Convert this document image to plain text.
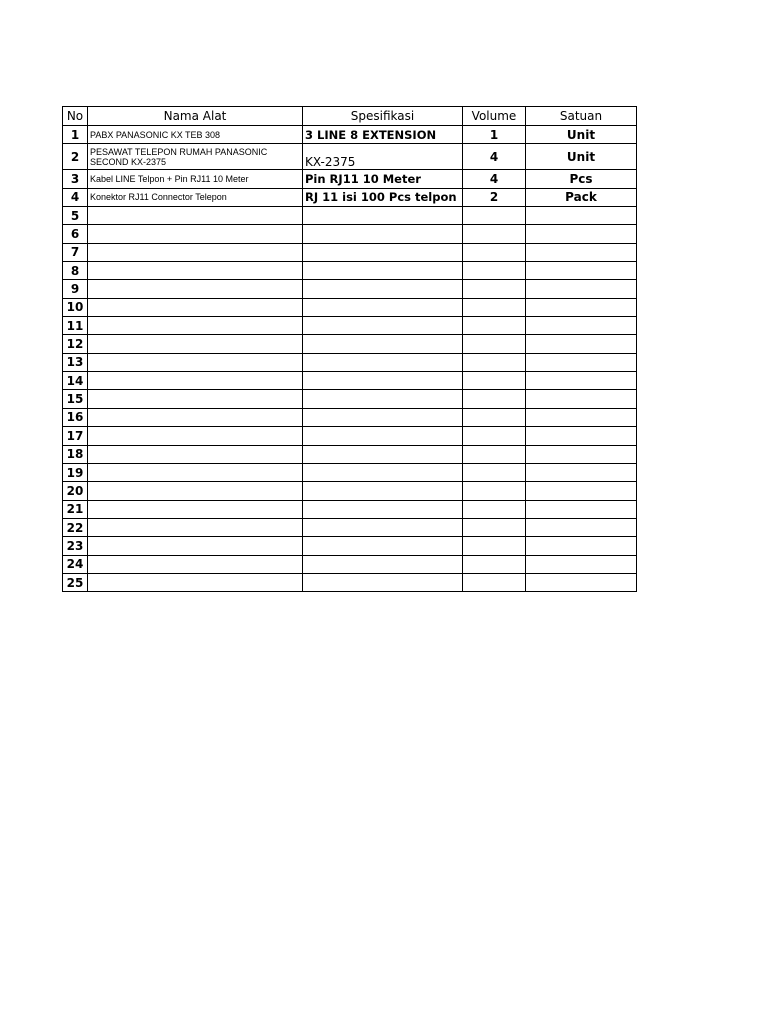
No	Nama Alat	Spesifikasi	Volume	Satuan
1	PABX PANASONIC KX TEB 308	3 LINE 8 EXTENSION	1	Unit
2	PESAWAT TELEPON RUMAH PANASONIC SECOND KX-2375	KX-2375	4	Unit
3	Kabel LINE Telpon + Pin RJ11 10 Meter	Pin RJ11 10 Meter	4	Pcs
4	Konektor RJ11 Connector Telepon	RJ 11 isi 100 Pcs telpon	2	Pack
5				
6				
7				
8				
9				
10				
11				
12				
13				
14				
15				
16				
17				
18				
19				
20				
21				
22				
23				
24				
25				
